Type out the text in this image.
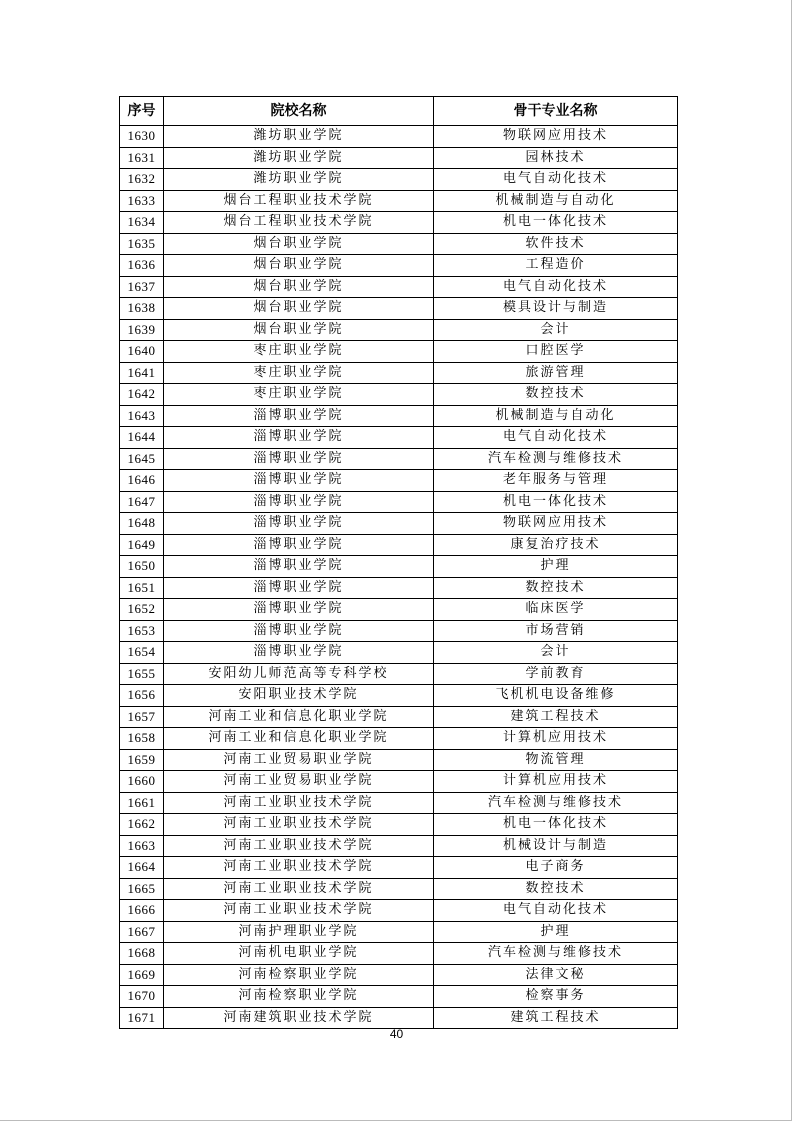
序号	院校名称	骨干专业名称
1630	潍坊职业学院	物联网应用技术
1631	潍坊职业学院	园林技术
1632	潍坊职业学院	电气自动化技术
1633	烟台工程职业技术学院	机械制造与自动化
1634	烟台工程职业技术学院	机电一体化技术
1635	烟台职业学院	软件技术
1636	烟台职业学院	工程造价
1637	烟台职业学院	电气自动化技术
1638	烟台职业学院	模具设计与制造
1639	烟台职业学院	会计
1640	枣庄职业学院	口腔医学
1641	枣庄职业学院	旅游管理
1642	枣庄职业学院	数控技术
1643	淄博职业学院	机械制造与自动化
1644	淄博职业学院	电气自动化技术
1645	淄博职业学院	汽车检测与维修技术
1646	淄博职业学院	老年服务与管理
1647	淄博职业学院	机电一体化技术
1648	淄博职业学院	物联网应用技术
1649	淄博职业学院	康复治疗技术
1650	淄博职业学院	护理
1651	淄博职业学院	数控技术
1652	淄博职业学院	临床医学
1653	淄博职业学院	市场营销
1654	淄博职业学院	会计
1655	安阳幼儿师范高等专科学校	学前教育
1656	安阳职业技术学院	飞机机电设备维修
1657	河南工业和信息化职业学院	建筑工程技术
1658	河南工业和信息化职业学院	计算机应用技术
1659	河南工业贸易职业学院	物流管理
1660	河南工业贸易职业学院	计算机应用技术
1661	河南工业职业技术学院	汽车检测与维修技术
1662	河南工业职业技术学院	机电一体化技术
1663	河南工业职业技术学院	机械设计与制造
1664	河南工业职业技术学院	电子商务
1665	河南工业职业技术学院	数控技术
1666	河南工业职业技术学院	电气自动化技术
1667	河南护理职业学院	护理
1668	河南机电职业学院	汽车检测与维修技术
1669	河南检察职业学院	法律文秘
1670	河南检察职业学院	检察事务
1671	河南建筑职业技术学院	建筑工程技术
40
